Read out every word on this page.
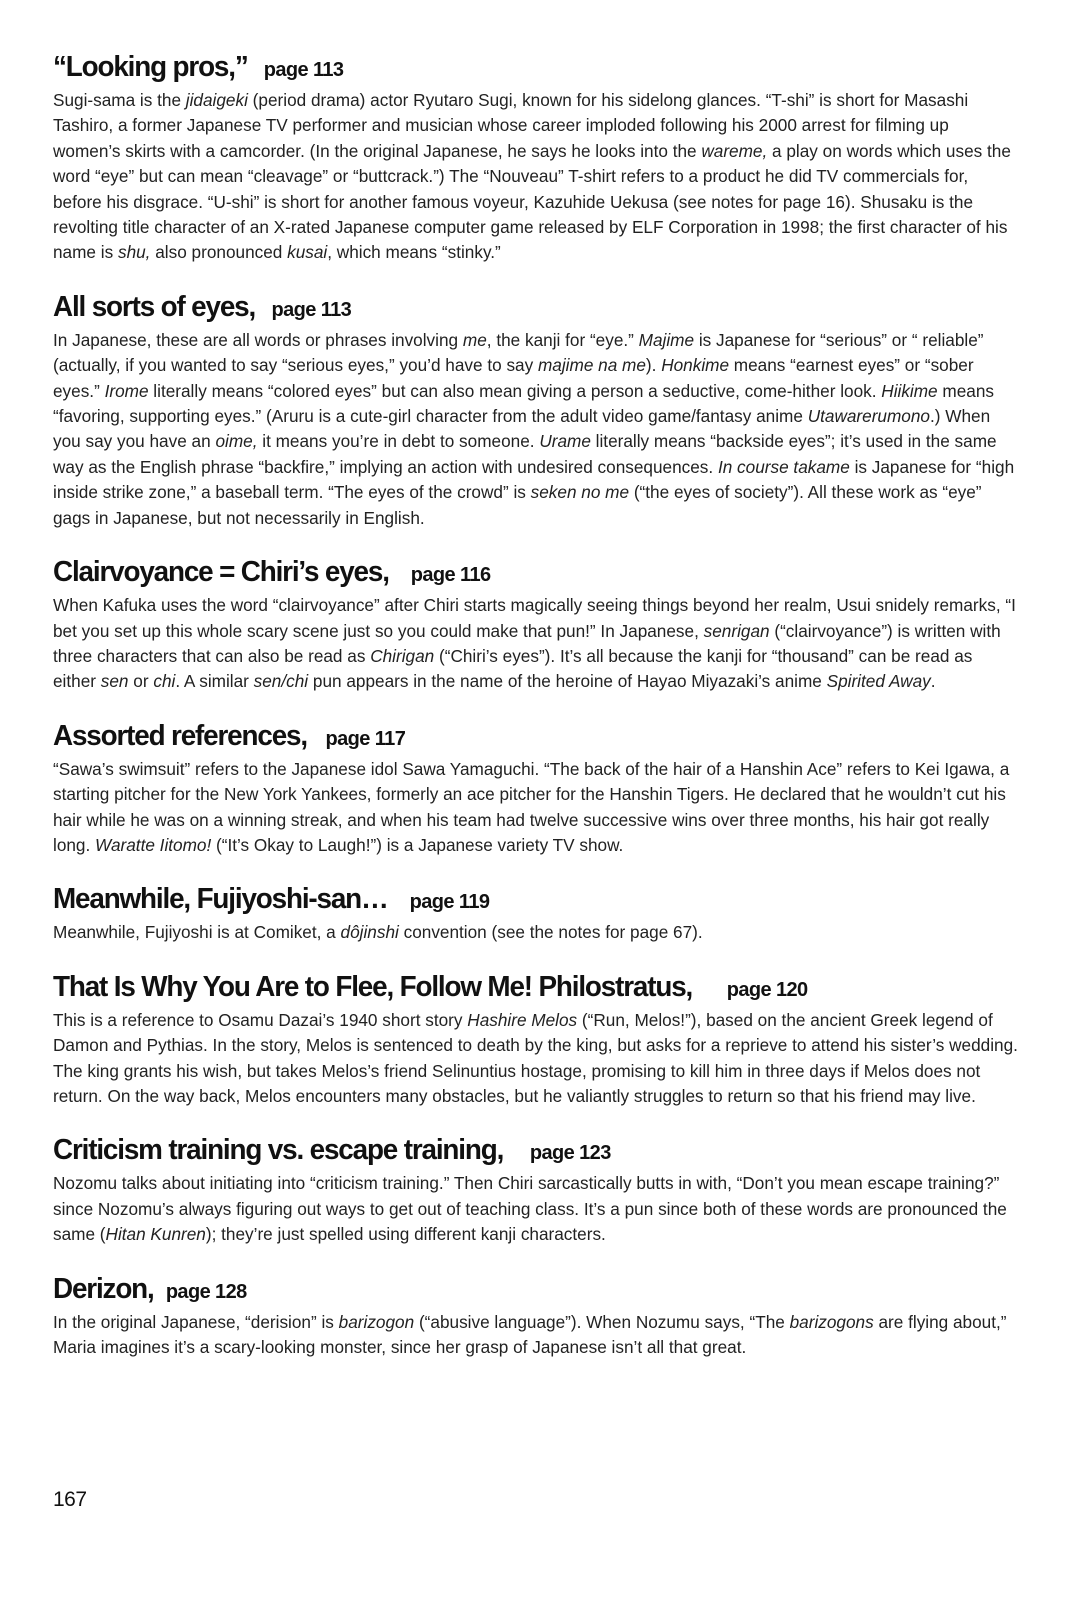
“Looking pros,” page 113

Sugi-sama is the jidaigeki (period drama) actor Ryutaro Sugi, known for his sidelong glances. “T-shi” is short for Masashi Tashiro, a former Japanese TV performer and musician whose career imploded following his 2000 arrest for filming up women’s skirts with a camcorder. (In the original Japanese, he says he looks into the wareme, a play on words which uses the word “eye” but can mean “cleavage” or “buttcrack.”) The “Nouveau” T-shirt refers to a product he did TV commercials for, before his disgrace. “U-shi” is short for another famous voyeur, Kazuhide Uekusa (see notes for page 16). Shusaku is the revolting title character of an X-rated Japanese computer game released by ELF Corporation in 1998; the first character of his name is shu, also pronounced kusai, which means “stinky.”

All sorts of eyes, page 113

In Japanese, these are all words or phrases involving me, the kanji for “eye.” Majime is Japanese for “serious” or “ reliable” (actually, if you wanted to say “serious eyes,” you’d have to say majime na me). Honkime means “earnest eyes” or “sober eyes.” Irome literally means “colored eyes” but can also mean giving a person a seductive, come-hither look. Hiikime means “favoring, supporting eyes.” (Aruru is a cute-girl character from the adult video game/fantasy anime Utawarerumono.) When you say you have an oime, it means you’re in debt to someone. Urame literally means “backside eyes”; it’s used in the same way as the English phrase “backfire,” implying an action with undesired consequences. In course takame is Japanese for “high inside strike zone,” a baseball term. “The eyes of the crowd” is seken no me (“the eyes of society”). All these work as “eye” gags in Japanese, but not necessarily in English.

Clairvoyance = Chiri’s eyes, page 116

When Kafuka uses the word “clairvoyance” after Chiri starts magically seeing things beyond her realm, Usui snidely remarks, “I bet you set up this whole scary scene just so you could make that pun!” In Japanese, senrigan (“clairvoyance”) is written with three characters that can also be read as Chirigan (“Chiri’s eyes”). It’s all because the kanji for “thousand” can be read as either sen or chi. A similar sen/chi pun appears in the name of the heroine of Hayao Miyazaki’s anime Spirited Away.

Assorted references, page 117

“Sawa’s swimsuit” refers to the Japanese idol Sawa Yamaguchi. “The back of the hair of a Hanshin Ace” refers to Kei Igawa, a starting pitcher for the New York Yankees, formerly an ace pitcher for the Hanshin Tigers. He declared that he wouldn’t cut his hair while he was on a winning streak, and when his team had twelve successive wins over three months, his hair got really long. Waratte Iitomo! (“It’s Okay to Laugh!”) is a Japanese variety TV show.

Meanwhile, Fujiyoshi-san… page 119

Meanwhile, Fujiyoshi is at Comiket, a dôjinshi convention (see the notes for page 67).

That Is Why You Are to Flee, Follow Me! Philostratus, page 120

This is a reference to Osamu Dazai’s 1940 short story Hashire Melos (“Run, Melos!”), based on the ancient Greek legend of Damon and Pythias. In the story, Melos is sentenced to death by the king, but asks for a reprieve to attend his sister’s wedding. The king grants his wish, but takes Melos’s friend Selinuntius hostage, promising to kill him in three days if Melos does not return. On the way back, Melos encounters many obstacles, but he valiantly struggles to return so that his friend may live.

Criticism training vs. escape training, page 123

Nozomu talks about initiating into “criticism training.” Then Chiri sarcastically butts in with, “Don’t you mean escape training?” since Nozomu’s always figuring out ways to get out of teaching class. It’s a pun since both of these words are pronounced the same (Hitan Kunren); they’re just spelled using different kanji characters.

Derizon, page 128

In the original Japanese, “derision” is barizogon (“abusive language”). When Nozumu says, “The barizogons are flying about,” Maria imagines it’s a scary-looking monster, since her grasp of Japanese isn’t all that great.

167
